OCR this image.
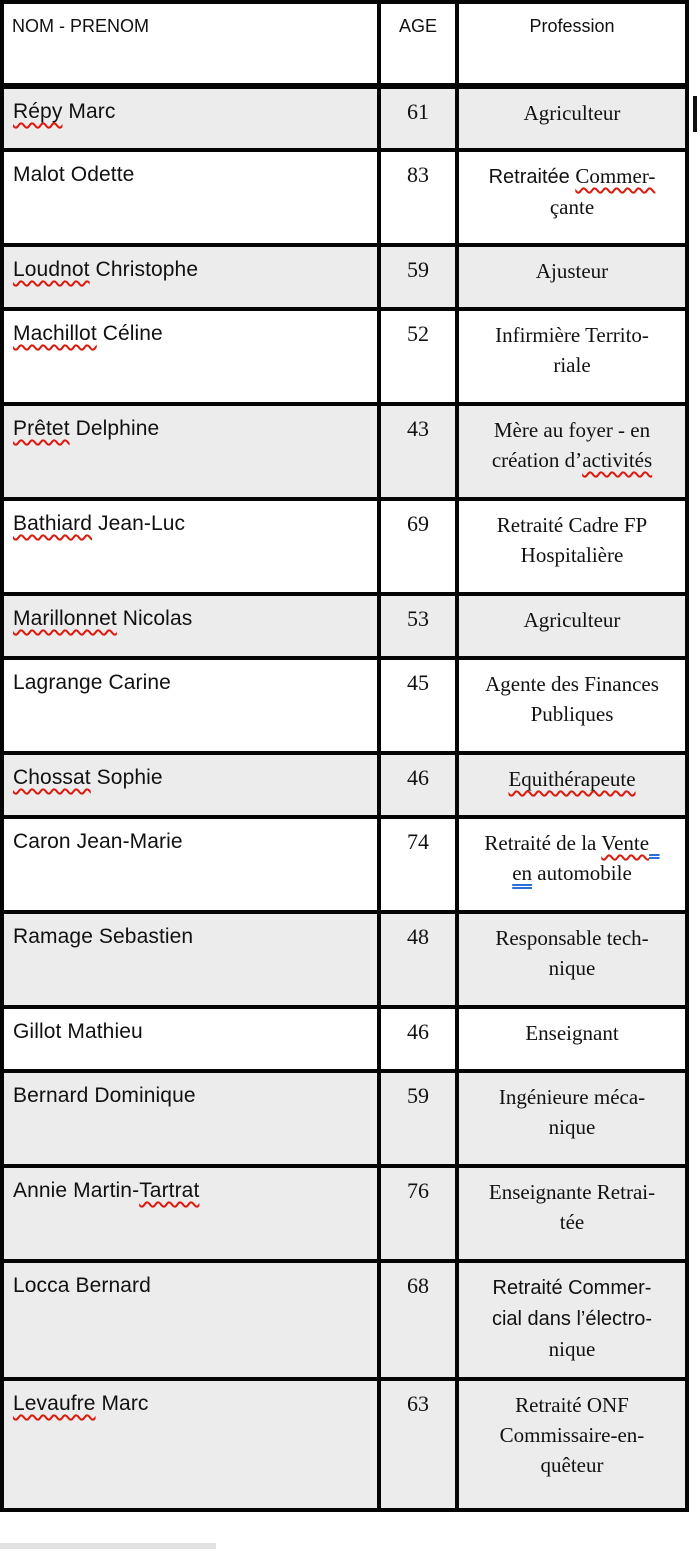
NOM - PRENOM	AGE	Profession
Répy Marc	61	Agriculteur

Malot Odette	83	Retraitée Commer-
çante

Loudnot Christophe	59	Ajusteur

Machillot Céline	52	Infirmière Territo-
riale

Prêtet Delphine	43	Mère au foyer - en
création d’activités

Bathiard Jean-Luc	69	Retraité Cadre FP
Hospitalière

Marillonnet Nicolas	53	Agriculteur

Lagrange Carine	45	Agente des Finances
Publiques

Chossat Sophie	46	Equithérapeute

Caron Jean-Marie	74	Retraité de la Vente
en automobile

Ramage Sebastien	48	Responsable tech-
nique

Gillot Mathieu	46	Enseignant

Bernard Dominique	59	Ingénieure méca-
nique

Annie Martin-Tartrat	76	Enseignante Retrai-
tée

Locca Bernard	68	Retraité Commer-
cial dans l’électro-
nique

Levaufre Marc	63	Retraité ONF
Commissaire-en-
quêteur
